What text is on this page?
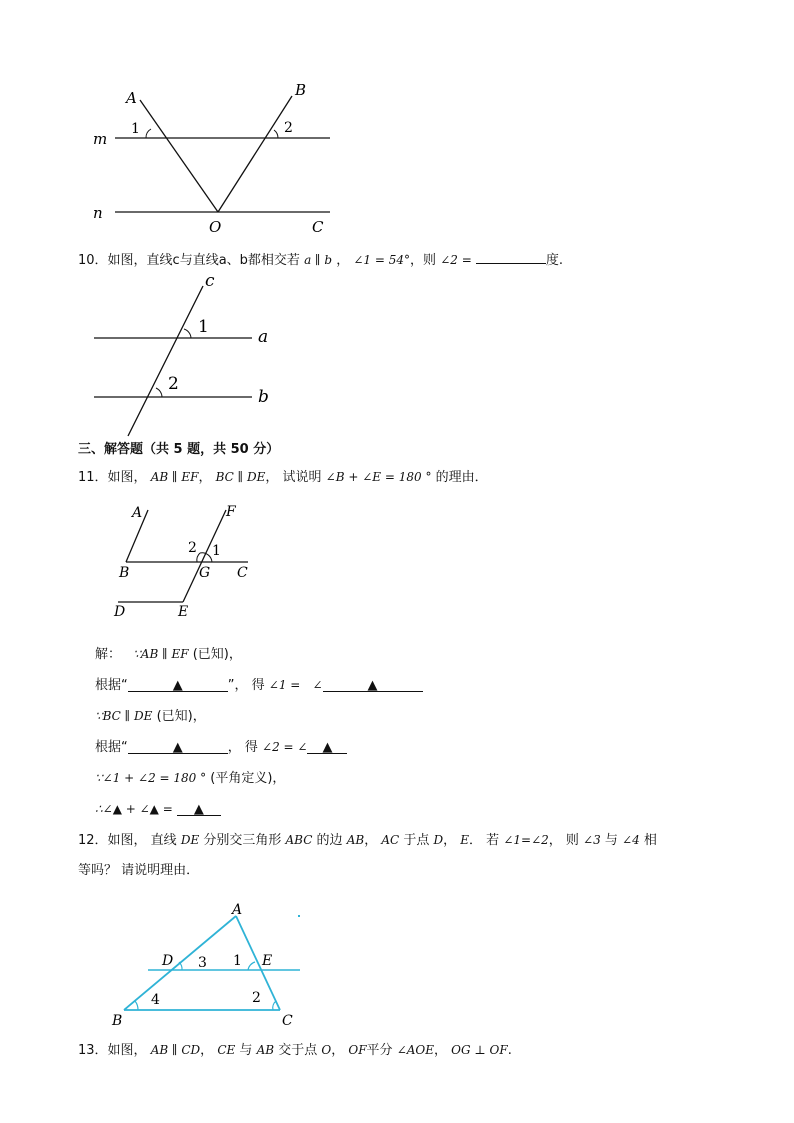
A	B
m
n
O	C
1	2
10．如图，直线c与直线a、b都相交若 a ∥ b ， ∠1 = 54°，则 ∠2 =	度.
c
1	a
2
b
三、解答题（共 5 题，共 50 分）
11．如图， AB ∥ EF， BC ∥ DE， 试说明 ∠B + ∠E = 180 ° 的理由．
A	F
2 1
B	G C
D	E
解： ∵AB ∥ EF (已知)，
根据“	▲	”， 得 ∠1 = ∠	▲
∵BC ∥ DE (已知)，
根据“	▲	， 得 ∠2 = ∠ ▲
∵∠1 + ∠2 = 180 ° (平角定义)，
∴∠▲ + ∠▲ = ▲
12．如图， 直线 DE 分别交三角形 ABC 的边 AB， AC 于点 D， E． 若 ∠1=∠2， 则 ∠3 与 ∠4 相
等吗？ 请说明理由．
A
D 3 1 E
4	2
B	C
13．如图， AB ∥ CD， CE 与 AB 交于点 O， OF平分 ∠AOE， OG ⊥ OF.
